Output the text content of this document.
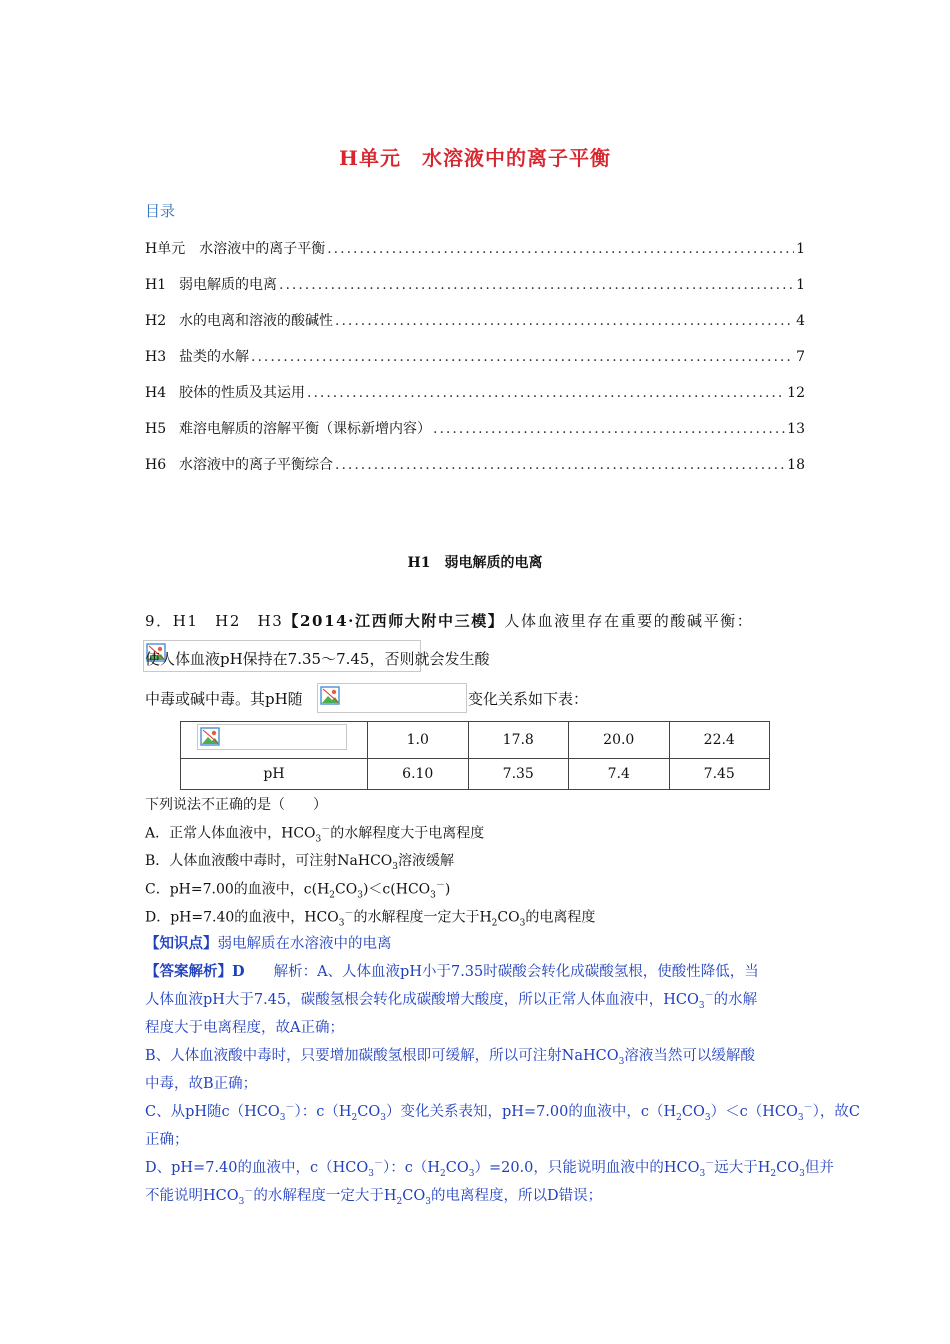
H单元　水溶液中的离子平衡
目录
H单元 　水溶液中的离子平衡 .....	1
H1 弱电解质的电离 .....	1
H2 水的电离和溶液的酸碱性 .....	4
H3 盐类的水解 .....	7
H4 胶体的性质及其运用 .....	12
H5 难溶电解质的溶解平衡（课标新增内容） .....	13
H6 水溶液中的离子平衡综合 .....	18
H1　弱电解质的电离
9．H1　H2　H3【2014·江西师大附中三模】人体血液里存在重要的酸碱平衡：
使人体血液pH保持在7.35～7.45，否则就会发生酸
中毒或碱中毒。其pH随	变化关系如下表：
	1.0	17.8	20.0	22.4
pH	6.10	7.35	7.4	7.45
下列说法不正确的是（　　）
A．正常人体血液中，$HCO_3^-$的水解程度大于电离程度
B．人体血液酸中毒时，可注射NaHCO$_3$溶液缓解
C．pH=7.00的血液中，$c(H_2CO_3)<c(HCO_3^-)$
D．pH=7.40的血液中，$HCO_3^-$的水解程度一定大于$H_2CO_3$的电离程度
【知识点】弱电解质在水溶液中的电离
【答案解析】D　　解析：A、人体血液pH小于7.35时碳酸会转化成碳酸氢根，使酸性降低，当
人体血液pH大于7.45，碳酸氢根会转化成碳酸增大酸度，所以正常人体血液中，$HCO_3^-$的水解
程度大于电离程度，故A正确；
B、人体血液酸中毒时，只要增加碳酸氢根即可缓解，所以可注射NaHCO$_3$溶液当然可以缓解酸
中毒，故B正确；
C、从pH随$c(HCO_3^-)$：$c(H_2CO_3)$变化关系表知，pH=7.00的血液中，$c(H_2CO_3)<c(HCO_3^-)$，故C
正确；
D、pH=7.40的血液中，$c(HCO_3^-)$：$c(H_2CO_3)=20.0$，只能说明血液中的$HCO_3^-$远大于$H_2CO_3$但并
不能说明$HCO_3^-$的水解程度一定大于$H_2CO_3$的电离程度，所以D错误；
